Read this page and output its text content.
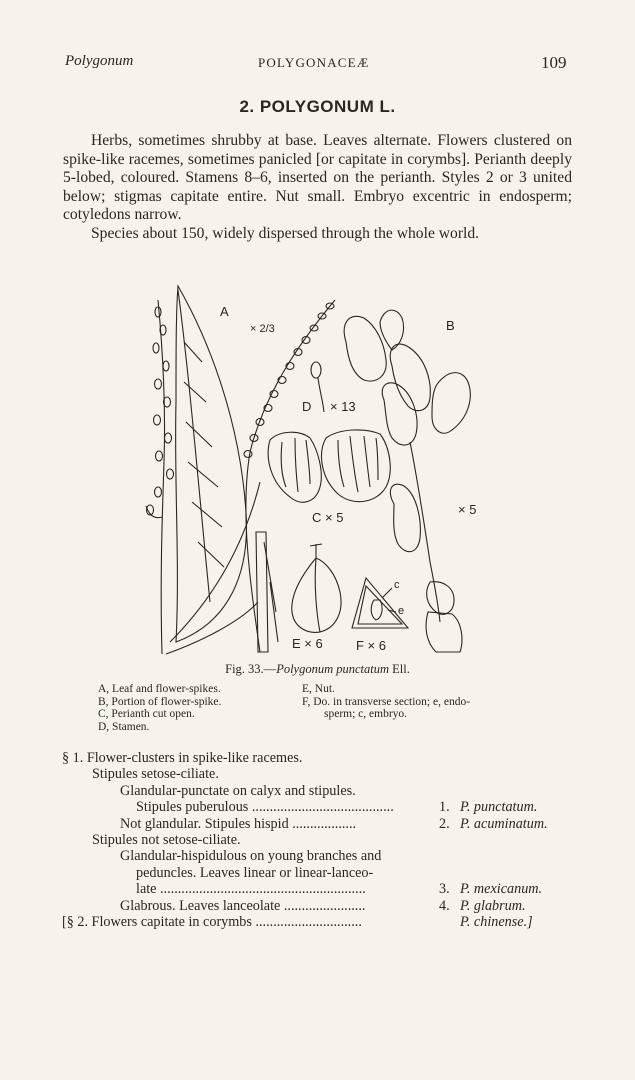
Polygonum	POLYGONACEÆ	109
2. POLYGONUM L.

Herbs, sometimes shrubby at base. Leaves alternate. Flowers clustered on spike-like racemes, sometimes panicled [or capitate in corymbs]. Perianth deeply 5-lobed, coloured. Stamens 8–6, inserted on the perianth. Styles 2 or 3 united below; stigmas capitate entire. Nut small. Embryo excentric in endosperm; cotyledons narrow.

Species about 150, widely dispersed through the whole world.

A
× 2/3	B
× 5
D × 13
C × 5
E × 6	F × 6
c
e
Fig. 33.—Polygonum punctatum Ell.
A, Leaf and flower-spikes.
B, Portion of flower-spike.
C, Perianth cut open.
D, Stamen.
E, Nut.
F, Do. in transverse section; e, endo-
sperm; c, embryo.
§ 1. Flower-clusters in spike-like racemes.
Stipules setose-ciliate.
Glandular-punctate on calyx and stipules.
Stipules puberulous ........................................	1. P. punctatum.
Not glandular. Stipules hispid ..................	2. P. acuminatum.
Stipules not setose-ciliate.
Glandular-hispidulous on young branches and
peduncles. Leaves linear or linear-lanceo-
late ..........................................................	3. P. mexicanum.
Glabrous. Leaves lanceolate .......................	4. P. glabrum.
[§ 2. Flowers capitate in corymbs ..............................	P. chinense.]
